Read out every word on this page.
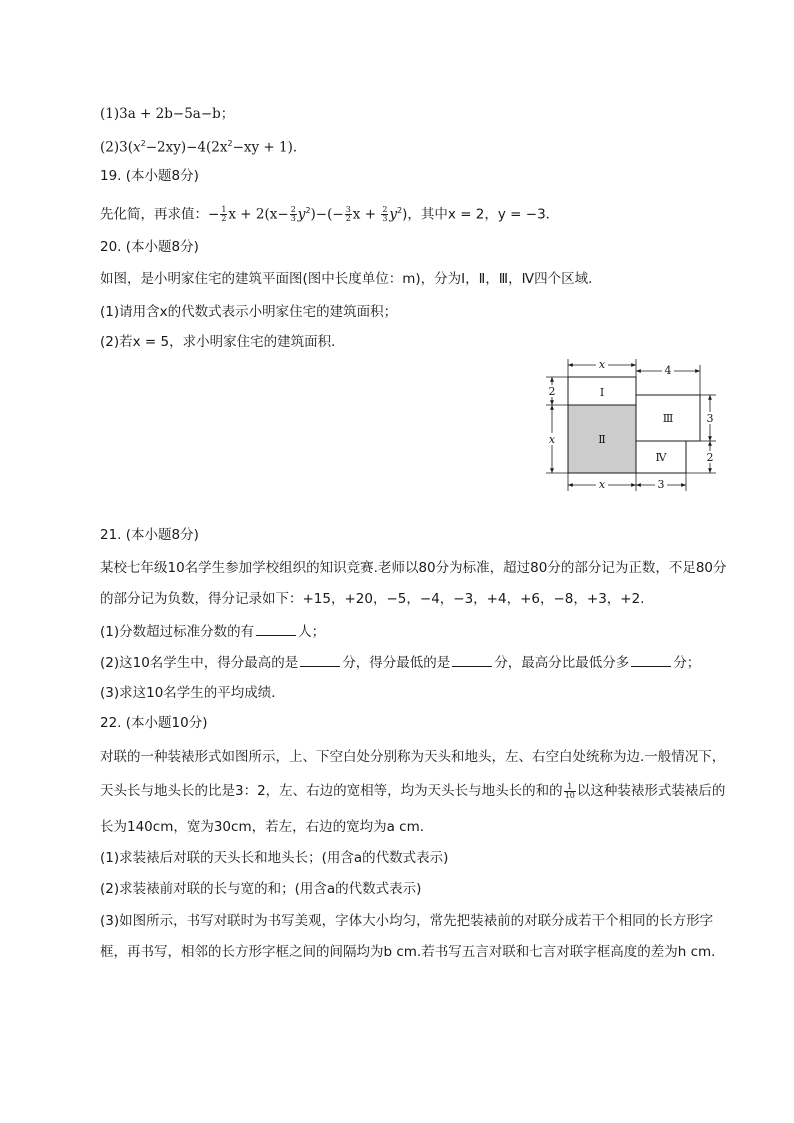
(1)3a + 2b−5a−b；
$(2)3(x^2-2xy)-4(2x^2-xy + 1)$．
19. (本小题8分)
先化简，再求值：− $\frac{1}{2}$ $x + 2(x- \frac{2}{3} y^2)-(- \frac{3}{2}$ $x + \frac{2}{3} y^2$)，其中x = 2，y = −3．
20. (本小题8分)
如图，是小明家住宅的建筑平面图(图中长度单位：m)，分为Ⅰ，Ⅱ，Ⅲ，Ⅳ四个区域．
(1)请用含x的代数式表示小明家住宅的建筑面积；
(2)若x = 5，求小明家住宅的建筑面积．
Ⅰ
Ⅱ
Ⅲ
Ⅳ
x	4
2
x
3
2
x	3
21. (本小题8分)
某校七年级10名学生参加学校组织的知识竞赛.老师以80分为标准，超过80分的部分记为正数，不足80分
的部分记为负数，得分记录如下：+15，+20，−5，−4，−3，+4，+6，−8，+3，+2.
(1)分数超过标准分数的有	人；
(2)这10名学生中，得分最高的是	分，得分最低的是	分，最高分比最低分多	分；
(3)求这10名学生的平均成绩．
22. (本小题10分)
对联的一种装裱形式如图所示，上、下空白处分别称为天头和地头，左、右空白处统称为边.一般情况下，
天头长与地头长的比是3：2，左、右边的宽相等，均为天头长与地头长的和的 $\frac{1}{10}$ 以这种装裱形式装裱后的
长为140cm，宽为30cm，若左，右边的宽均为a cm．
(1)求装裱后对联的天头长和地头长；(用含a的代数式表示)
(2)求装裱前对联的长与宽的和；(用含a的代数式表示)
(3)如图所示，书写对联时为书写美观，字体大小均匀，常先把装裱前的对联分成若干个相同的长方形字
框，再书写，相邻的长方形字框之间的间隔均为b cm.若书写五言对联和七言对联字框高度的差为h cm．
